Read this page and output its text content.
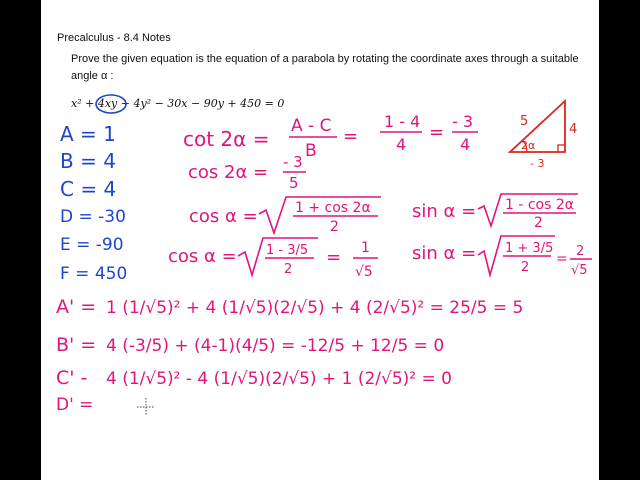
Precalculus - 8.4 Notes
Prove the given equation is the equation of a parabola by rotating the coordinate axes through a suitable
angle α :
x² + 4xy + 4y² − 30x − 90y + 450 = 0
A = 1
B = 4
C = 4
D = -30
E = -90
F = 450
cot 2α =
A - C
B
=
1 - 4
4
=
- 3
4
cos 2α = - 3
5
cos α =	1 + cos 2α
2
sin α = 1 - cos 2α
2
cos α = 1 - 3/5
2
= 1
√5
sin α = 1 + 3/5
2
= 2
√5
5
4
2α
- 3
A' = 1 (1/√5)² + 4 (1/√5)(2/√5) + 4 (2/√5)² = 25/5 = 5
B' = 4 (-3/5) + (4-1)(4/5) = -12/5 + 12/5 = 0
C' - 4 (1/√5)² - 4 (1/√5)(2/√5) + 1 (2/√5)² = 0
D' =
